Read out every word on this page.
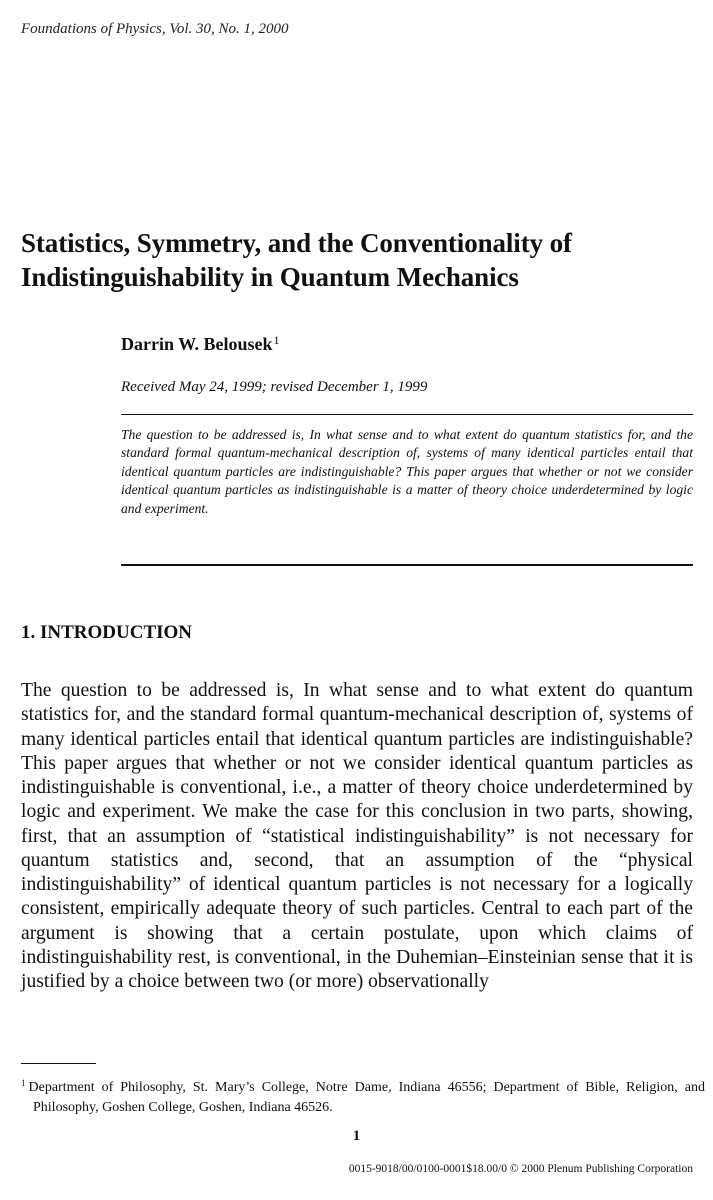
Foundations of Physics, Vol. 30, No. 1, 2000
Statistics, Symmetry, and the Conventionality of Indistinguishability in Quantum Mechanics
Darrin W. Belousek$^1$
Received May 24, 1999; revised December 1, 1999

The question to be addressed is, In what sense and to what extent do quantum statistics for, and the standard formal quantum-mechanical description of, systems of many identical particles entail that identical quantum particles are indistinguishable? This paper argues that whether or not we consider identical quantum particles as indistinguishable is a matter of theory choice underdetermined by logic and experiment.

1. INTRODUCTION

The question to be addressed is, In what sense and to what extent do quantum statistics for, and the standard formal quantum-mechanical description of, systems of many identical particles entail that identical quantum particles are indistinguishable? This paper argues that whether or not we consider identical quantum particles as indistinguishable is conventional, i.e., a matter of theory choice underdetermined by logic and experiment. We make the case for this conclusion in two parts, showing, first, that an assumption of “statistical indistinguishability” is not necessary for quantum statistics and, second, that an assumption of the “physical indistinguishability” of identical quantum particles is not necessary for a logically consistent, empirically adequate theory of such particles. Central to each part of the argument is showing that a certain postulate, upon which claims of indistinguishability rest, is conventional, in the Duhemian–Einsteinian sense that it is justified by a choice between two (or more) observationally

$^1$ Department of Philosophy, St. Mary’s College, Notre Dame, Indiana 46556; Department of Bible, Religion, and Philosophy, Goshen College, Goshen, Indiana 46526.

1
0015-9018/00/0100-0001$18.00/0 © 2000 Plenum Publishing Corporation
